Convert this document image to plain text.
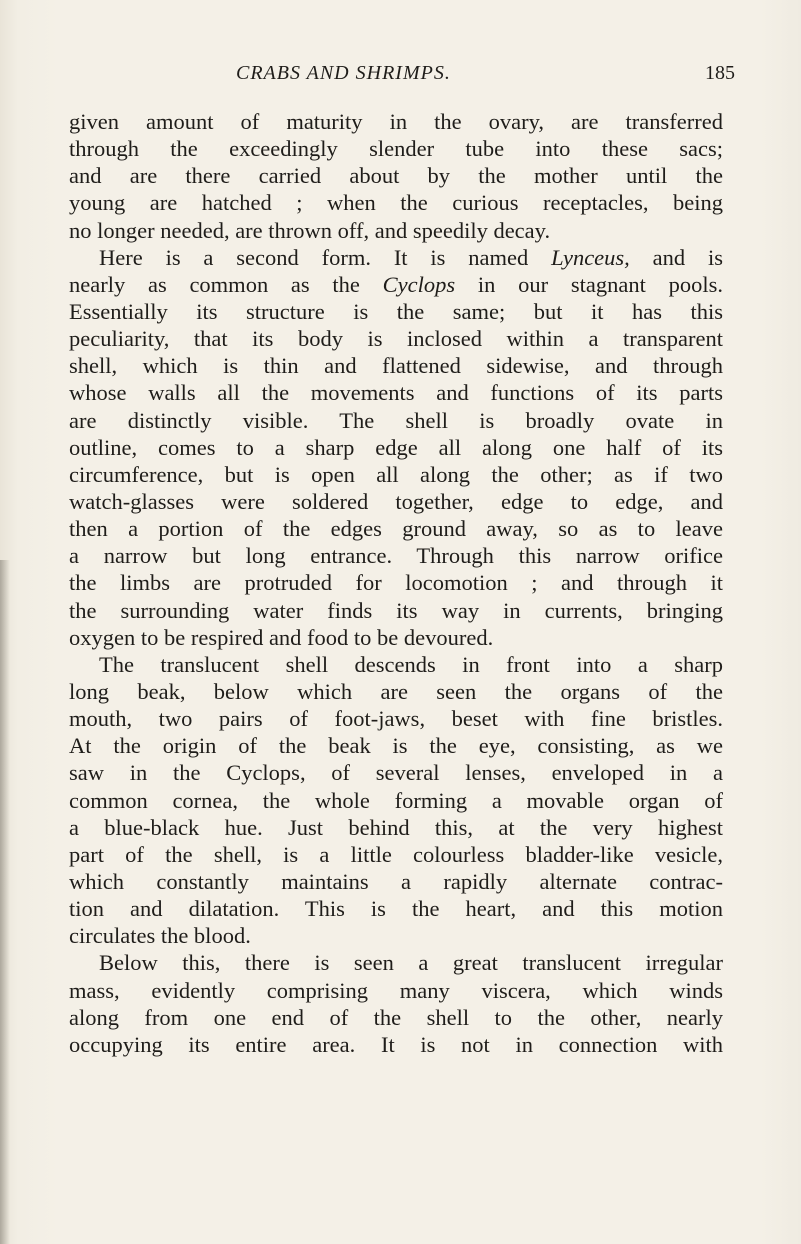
CRABS AND SHRIMPS.	185
given amount of maturity in the ovary, are transferred
through the exceedingly slender tube into these sacs;
and are there carried about by the mother until the
young are hatched ; when the curious receptacles, being
no longer needed, are thrown off, and speedily decay.
Here is a second form. It is named Lynceus, and is
nearly as common as the Cyclops in our stagnant pools.
Essentially its structure is the same; but it has this
peculiarity, that its body is inclosed within a transparent
shell, which is thin and flattened sidewise, and through
whose walls all the movements and functions of its parts
are distinctly visible. The shell is broadly ovate in
outline, comes to a sharp edge all along one half of its
circumference, but is open all along the other; as if two
watch-glasses were soldered together, edge to edge, and
then a portion of the edges ground away, so as to leave
a narrow but long entrance. Through this narrow orifice
the limbs are protruded for locomotion ; and through it
the surrounding water finds its way in currents, bringing
oxygen to be respired and food to be devoured.
The translucent shell descends in front into a sharp
long beak, below which are seen the organs of the
mouth, two pairs of foot-jaws, beset with fine bristles.
At the origin of the beak is the eye, consisting, as we
saw in the Cyclops, of several lenses, enveloped in a
common cornea, the whole forming a movable organ of
a blue-black hue. Just behind this, at the very highest
part of the shell, is a little colourless bladder-like vesicle,
which constantly maintains a rapidly alternate contrac-
tion and dilatation. This is the heart, and this motion
circulates the blood.
Below this, there is seen a great translucent irregular
mass, evidently comprising many viscera, which winds
along from one end of the shell to the other, nearly
occupying its entire area. It is not in connection with
